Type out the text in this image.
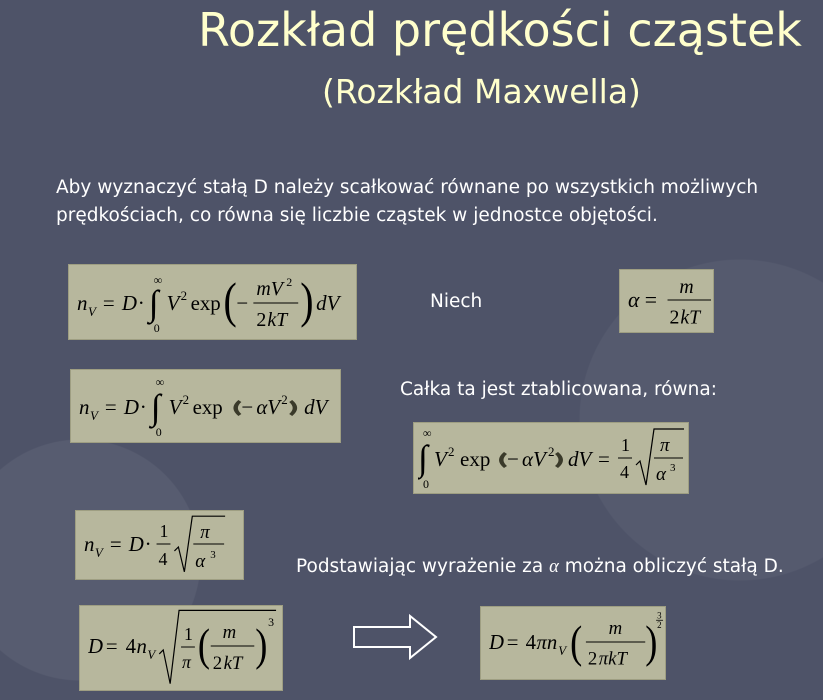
Rozkład prędkości cząstek
(Rozkład Maxwella)
Aby wyznaczyć stałą D należy scałkować równane po wszystkich możliwych prędkościach, co równa się liczbie cząstek w jednostce objętości.
n V = D · ∫
∞
0
V 2 exp ( −
mV 2
2 kT ) dV	Niech	α =
m
2 kT
n V = D · ∫
∞
0
V 2 exp − αV 2 dV
Całka ta jest ztablicowana, równa:
∫
∞
0
V 2 exp − αV 2 dV =
1
4
π
α 3
n V = D ·
1
4
π
α 3
Podstawiając wyrażenie za α można obliczyć stałą D.
D = 4 n V
1
π ( m
2 kT ) 3
D = 4 πn V ( m
2 πkT )
3
2
